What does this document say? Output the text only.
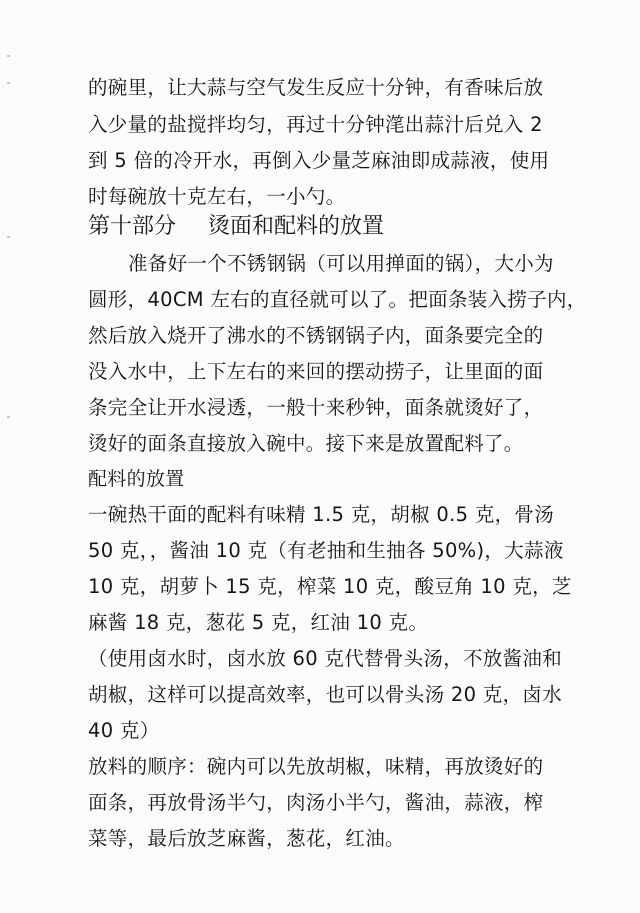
的碗里，让大蒜与空气发生反应十分钟，有香味后放
入少量的盐搅拌均匀，再过十分钟滗出蒜汁后兑入 2
到 5 倍的冷开水，再倒入少量芝麻油即成蒜液，使用
时每碗放十克左右，一小勺。
第十部分 烫面和配料的放置
准备好一个不锈钢锅（可以用掸面的锅），大小为
圆形，40CM 左右的直径就可以了。把面条装入捞子内，
然后放入烧开了沸水的不锈钢锅子内，面条要完全的
没入水中，上下左右的来回的摆动捞子，让里面的面
条完全让开水浸透，一般十来秒钟，面条就烫好了，
烫好的面条直接放入碗中。接下来是放置配料了。
配料的放置
一碗热干面的配料有味精 1.5 克，胡椒 0.5 克，骨汤
50 克，，酱油 10 克（有老抽和生抽各 50%)，大蒜液
10 克，胡萝卜 15 克，榨菜 10 克，酸豆角 10 克，芝
麻酱 18 克，葱花 5 克，红油 10 克。
（使用卤水时，卤水放 60 克代替骨头汤，不放酱油和
胡椒，这样可以提高效率，也可以骨头汤 20 克，卤水
40 克）
放料的顺序：碗内可以先放胡椒，味精，再放烫好的
面条，再放骨汤半勺，肉汤小半勺，酱油，蒜液，榨
菜等，最后放芝麻酱，葱花，红油。
